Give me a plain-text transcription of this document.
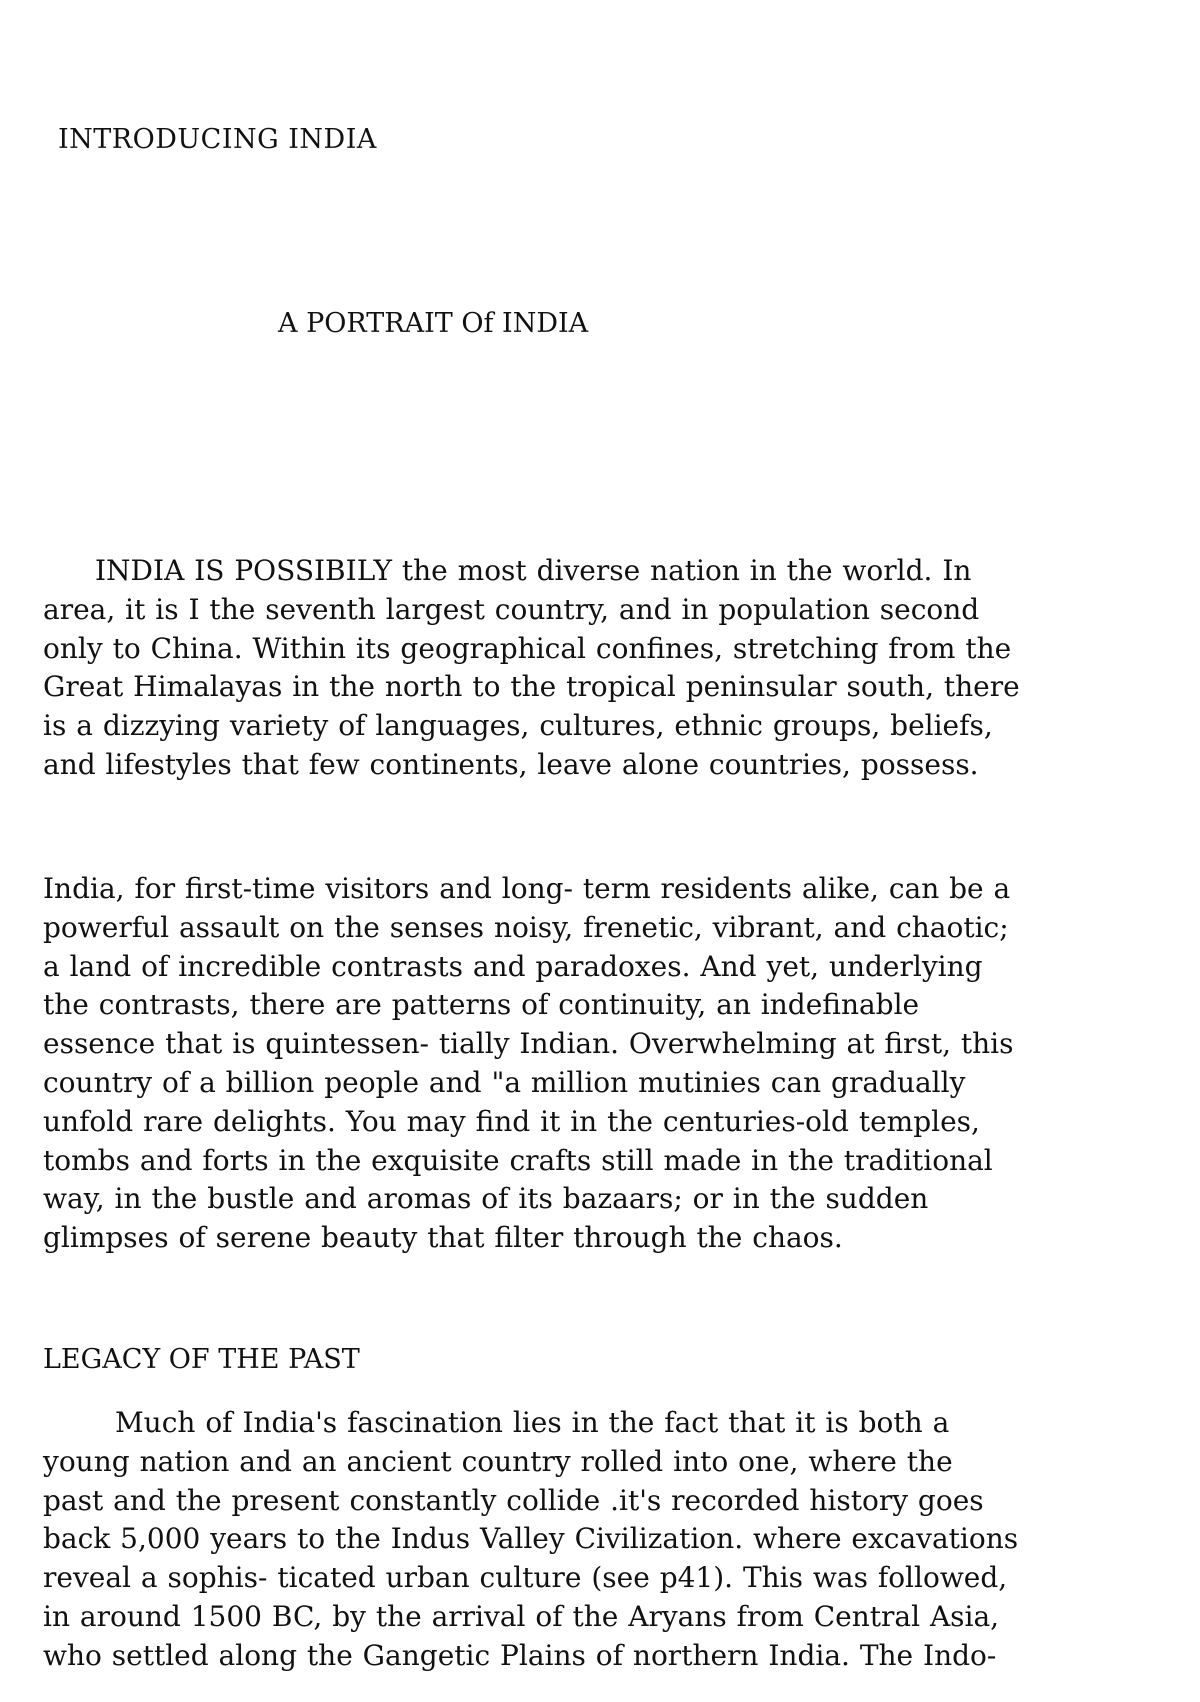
INTRODUCING INDIA
A PORTRAIT Of INDIA

INDIA IS POSSIBILY the most diverse nation in the world. In
area, it is I the seventh largest country, and in population second
only to China. Within its geographical confines, stretching from the
Great Himalayas in the north to the tropical peninsular south, there
is a dizzying variety of languages, cultures, ethnic groups, beliefs,
and lifestyles that few continents, leave alone countries, possess.

India, for first-time visitors and long- term residents alike, can be a
powerful assault on the senses noisy, frenetic, vibrant, and chaotic;
a land of incredible contrasts and paradoxes. And yet, underlying
the contrasts, there are patterns of continuity, an indefinable
essence that is quintessen- tially Indian. Overwhelming at first, this
country of a billion people and "a million mutinies can gradually
unfold rare delights. You may find it in the centuries-old temples,
tombs and forts in the exquisite crafts still made in the traditional
way, in the bustle and aromas of its bazaars; or in the sudden
glimpses of serene beauty that filter through the chaos.

LEGACY OF THE PAST

Much of India's fascination lies in the fact that it is both a
young nation and an ancient country rolled into one, where the
past and the present constantly collide .it's recorded history goes
back 5,000 years to the Indus Valley Civilization. where excavations
reveal a sophis- ticated urban culture (see p41). This was followed,
in around 1500 BC, by the arrival of the Aryans from Central Asia,
who settled along the Gangetic Plains of northern India. The Indo-
